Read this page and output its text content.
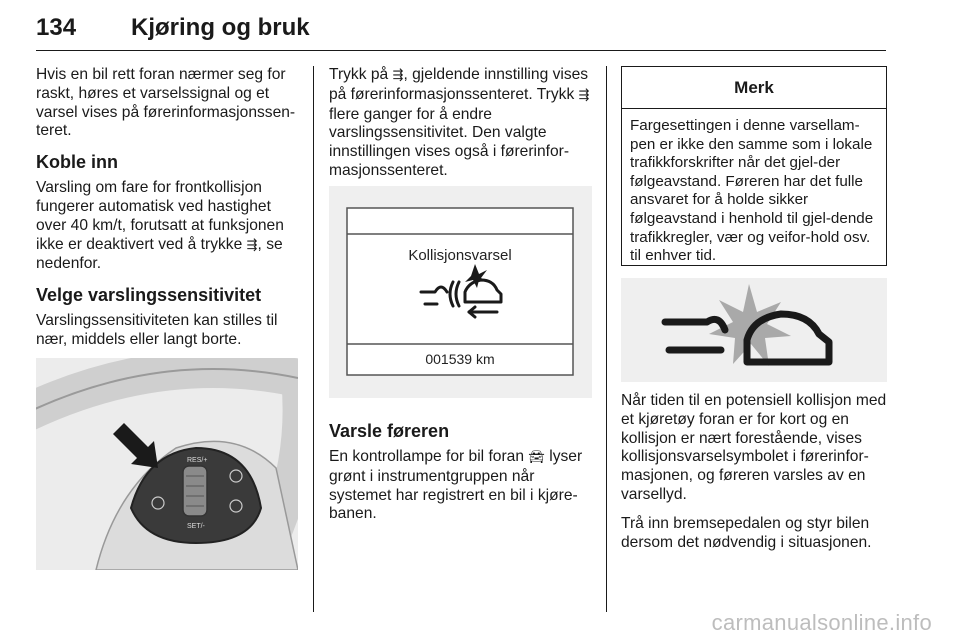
134 Kjøring og bruk

Hvis en bil rett foran nærmer seg for raskt, høres et varselssignal og et varsel vises på førerinformasjonssen-teret.

Koble inn

Varsling om fare for frontkollisjon fungerer automatisk ved hastighet over 40 km/t, forutsatt at funksjonen ikke er deaktivert ved å trykke ⇶, se nedenfor.

Velge varslingssensitivitet

Varslingssensitiviteten kan stilles til nær, middels eller langt borte.

RES/+
SET/-

Trykk på ⇶, gjeldende innstilling vises på førerinformasjonssenteret. Trykk ⇶ flere ganger for å endre varslingssensitivitet. Den valgte innstillingen vises også i førerinfor-masjonssenteret.

Kollisjonsvarsel
001539 km
Varsle føreren

En kontrollampe for bil foran 🚘︎ lyser grønt i instrumentgruppen når systemet har registrert en bil i kjøre-banen.

Merk
Fargesettingen i denne varsellam-pen er ikke den samme som i lokale trafikkforskrifter når det gjel-der følgeavstand. Føreren har det fulle ansvaret for å holde sikker følgeavstand i henhold til gjel-dende trafikkregler, vær og veifor-hold osv. til enhver tid.

Når tiden til en potensiell kollisjon med et kjøretøy foran er for kort og en kollisjon er nært forestående, vises kollisjonsvarselsymbolet i førerinfor-masjonen, og føreren varsles av en varsellyd.

Trå inn bremsepedalen og styr bilen dersom det nødvendig i situasjonen.

carmanualsonline.info
